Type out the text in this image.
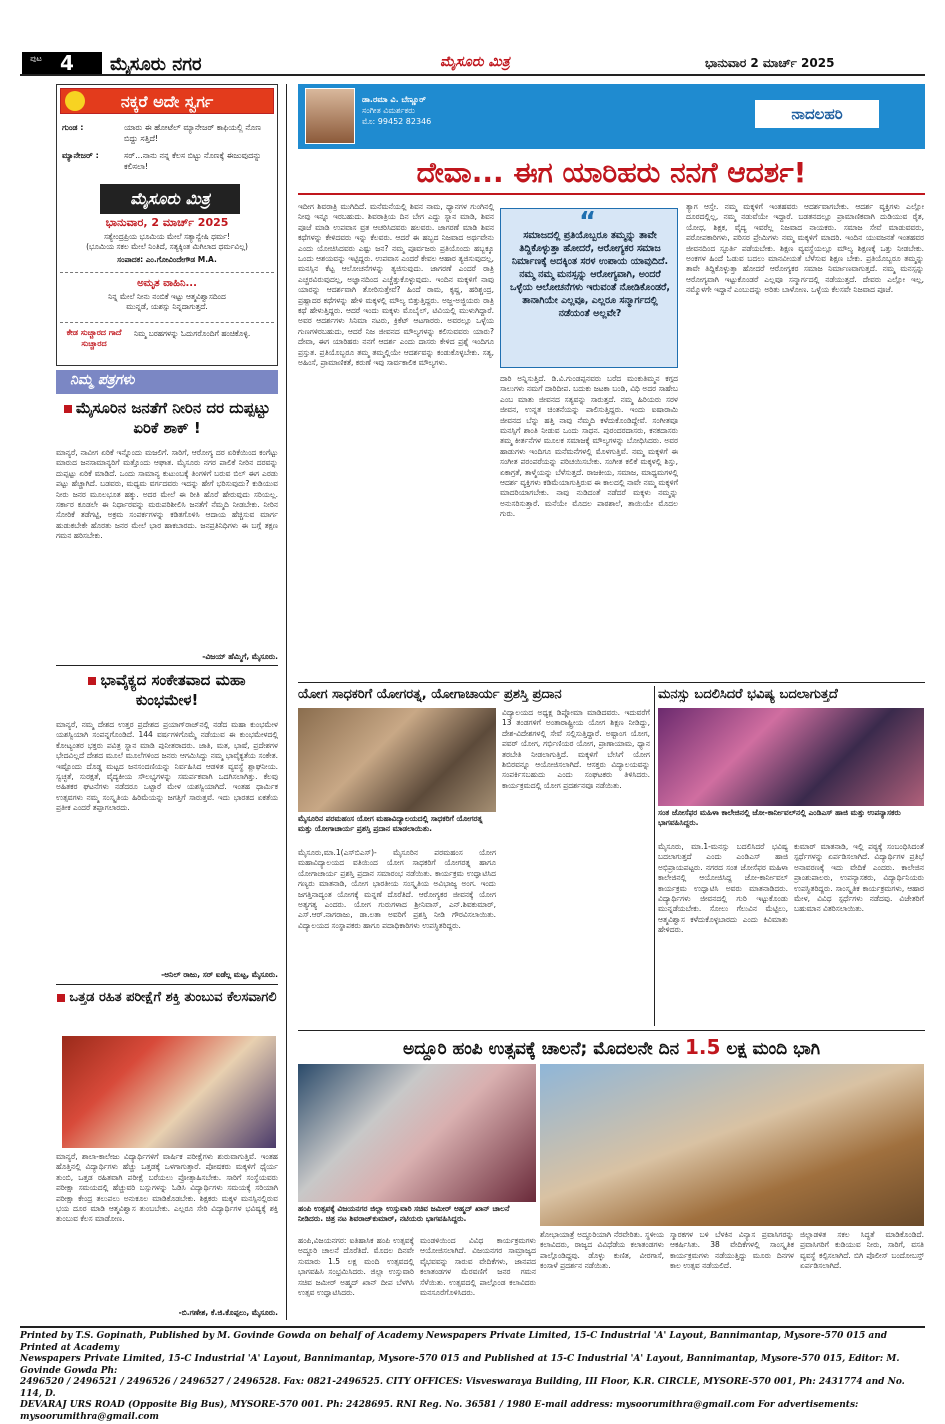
ಪುಟ 4 ಮೈಸೂರು ನಗರ	ಮೈಸೂರು ಮಿತ್ರ	ಭಾನುವಾರ 2 ಮಾರ್ಚ್ 2025
ನಕ್ಕರೆ ಅದೇ ಸ್ವರ್ಗ
ಗುಂಡ :	ಯಾರು ಈ ಹೋಟೆಲ್ ಮ್ಯಾನೇಜರ್ ಕಾಫಿಯಲ್ಲಿ ನೊಣ ಬಿದ್ದು ಸತ್ತಿದೆ!
ಮ್ಯಾನೇಜರ್ :	ಸರ್...ನಾನು ನನ್ನ ಕೆಲಸ ಬಿಟ್ಟು ನೊಣಕ್ಕೆ ಈಜುವುದನ್ನು ಕಲಿಸಲಾ!
ಮೈಸೂರು ಮಿತ್ರ
ಭಾನುವಾರ, 2 ಮಾರ್ಚ್ 2025
ಸತ್ಯೇಂದ್ರಪ್ರಿಯ ಭೂಮಿಯ ಮೇಲೆ ಸತ್ಯಾನ್ವೇಷಿ ಧರ್ಮ!
(ಭೂಮಿಯ ಸಕಲ ಮೇಲೆ ನಿಂತಿದೆ, ಸತ್ಯಕ್ಕಿಂತ ಮಿಗಿಲಾದ ಧರ್ಮವಿಲ್ಲ)
ಸಂಪಾದಕ: ಎಂ.ಗೋವಿಂದೇಗೌಡ M.A.
ಅಮೃತ ವಾಹಿನಿ...
ನಿನ್ನ ಮೇಲೆ ನೀನು ನಂಬಿಕೆ ಇಟ್ಟು ಆತ್ಮವಿಶ್ವಾಸದಿಂದ
ಮುನ್ನಡೆ, ಯಶಸ್ಸು ನಿನ್ನದಾಗುತ್ತದೆ.
ಕೇಡ ಸುಚ್ಚಾರದ ಗಾದೆ ಸುಚ್ಚಾರದ
ನಿಮ್ಮ ಬರಹಗಳನ್ನು ಓದುಗರೊಂದಿಗೆ ಹಂಚಿಕೊಳ್ಳಿ.
ನಿಮ್ಮ ಪತ್ರಗಳು
ಮೈಸೂರಿನ ಜನತೆಗೆ ನೀರಿನ ದರ ದುಪ್ಪಟ್ಟು ಏರಿಕೆ ಶಾಕ್ !
ಮಾನ್ಯರೆ, ನಾವೀಗ ಏರಿಕೆ ಇನ್ನೊಂದು ಮಜಲಿಗೆ. ಸಾರಿಗೆ, ಆರೋಗ್ಯ ದರ ಏರಿಕೆಯಿಂದ ಕಂಗೆಟ್ಟು ಮಾರುದ ಜನಸಾಮಾನ್ಯರಿಗೆ ಮತ್ತೊಂದು ಆಘಾತ. ಮೈಸೂರು ನಗರ ಪಾಲಿಕೆ ನೀರಿನ ದರವನ್ನು ದುಪ್ಪಟ್ಟು ಏರಿಕೆ ಮಾಡಿದೆ. ಒಂದು ಸಾಮಾನ್ಯ ಕುಟುಂಬಕ್ಕೆ ತಿಂಗಳಿಗೆ ಬರುವ ಬಿಲ್ ಈಗ ಎರಡು ಪಟ್ಟು ಹೆಚ್ಚಾಗಿದೆ. ಬಡವರು, ಮಧ್ಯಮ ವರ್ಗದವರು ಇದನ್ನು ಹೇಗೆ ಭರಿಸುವುದು? ಕುಡಿಯುವ ನೀರು ಜನರ ಮೂಲಭೂತ ಹಕ್ಕು. ಅದರ ಮೇಲೆ ಈ ರೀತಿ ಹೊರೆ ಹೇರುವುದು ಸರಿಯಲ್ಲ. ಸರ್ಕಾರ ಕೂಡಲೇ ಈ ನಿರ್ಧಾರವನ್ನು ಮರುಪರಿಶೀಲಿಸಿ ಜನತೆಗೆ ನೆಮ್ಮದಿ ನೀಡಬೇಕು. ನೀರಿನ ಸೋರಿಕೆ ತಡೆಗಟ್ಟಿ, ಅಕ್ರಮ ಸಂಪರ್ಕಗಳನ್ನು ಕಡಿತಗೊಳಿಸಿ ಆದಾಯ ಹೆಚ್ಚಿಸುವ ಮಾರ್ಗ ಹುಡುಕಬೇಕೇ ಹೊರತು ಜನರ ಮೇಲೆ ಭಾರ ಹಾಕಬಾರದು. ಜನಪ್ರತಿನಿಧಿಗಳು ಈ ಬಗ್ಗೆ ತಕ್ಷಣ ಗಮನ ಹರಿಸಬೇಕು.
-ವಿಜಯ್ ಹೆಮ್ಮಿಗೆ, ಮೈಸೂರು.
ಭಾವೈಕ್ಯದ ಸಂಕೇತವಾದ ಮಹಾ ಕುಂಭಮೇಳ!
ಮಾನ್ಯರೆ, ನಮ್ಮ ದೇಶದ ಉತ್ತರ ಪ್ರದೇಶದ ಪ್ರಯಾಗ್‌ರಾಜ್‌ನಲ್ಲಿ ನಡೆದ ಮಹಾ ಕುಂಭಮೇಳ ಯಶಸ್ವಿಯಾಗಿ ಸಂಪನ್ನಗೊಂಡಿದೆ. 144 ವರ್ಷಗಳಿಗೊಮ್ಮೆ ನಡೆಯುವ ಈ ಕುಂಭಮೇಳದಲ್ಲಿ ಕೋಟ್ಯಂತರ ಭಕ್ತರು ಪವಿತ್ರ ಸ್ನಾನ ಮಾಡಿ ಪುನೀತರಾದರು. ಜಾತಿ, ಮತ, ಭಾಷೆ, ಪ್ರದೇಶಗಳ ಭೇದವಿಲ್ಲದೆ ದೇಶದ ಮೂಲೆ ಮೂಲೆಗಳಿಂದ ಜನರು ಆಗಮಿಸಿದ್ದು ನಮ್ಮ ಭಾವೈಕ್ಯತೆಯ ಸಂಕೇತ. ಇಷ್ಟೊಂದು ದೊಡ್ಡ ಮಟ್ಟದ ಜನಸಂದಣಿಯನ್ನು ನಿರ್ವಹಿಸಿದ ಆಡಳಿತ ವ್ಯವಸ್ಥೆ ಶ್ಲಾಘನೀಯ. ಸ್ವಚ್ಛತೆ, ಸುರಕ್ಷತೆ, ವೈದ್ಯಕೀಯ ಸೌಲಭ್ಯಗಳನ್ನು ಸಮರ್ಪಕವಾಗಿ ಒದಗಿಸಲಾಗಿತ್ತು. ಕೆಲವು ಅಹಿತಕರ ಘಟನೆಗಳು ನಡೆದರೂ ಒಟ್ಟಾರೆ ಮೇಳ ಯಶಸ್ವಿಯಾಗಿದೆ. ಇಂತಹ ಧಾರ್ಮಿಕ ಉತ್ಸವಗಳು ನಮ್ಮ ಸಂಸ್ಕೃತಿಯ ಹಿರಿಮೆಯನ್ನು ಜಗತ್ತಿಗೆ ಸಾರುತ್ತವೆ. ಇದು ಭಾರತದ ಏಕತೆಯ ಪ್ರತೀಕ ಎಂದರೆ ತಪ್ಪಾಗಲಾರದು.
-ಅನಿಲ್ ರಾಜು, ಸರ್ ಐಡೆಲ್ಲ ಮಟ್ಟ, ಮೈಸೂರು.
ಒತ್ತಡ ರಹಿತ ಪರೀಕ್ಷೆಗೆ ಶಕ್ತಿ ತುಂಬುವ ಕೆಲಸವಾಗಲಿ
ಮಾನ್ಯರೆ, ಶಾಲಾ-ಕಾಲೇಜು ವಿದ್ಯಾರ್ಥಿಗಳಿಗೆ ವಾರ್ಷಿಕ ಪರೀಕ್ಷೆಗಳು ಶುರುವಾಗುತ್ತಿವೆ. ಇಂತಹ ಹೊತ್ತಿನಲ್ಲಿ ವಿದ್ಯಾರ್ಥಿಗಳು ಹೆಚ್ಚು ಒತ್ತಡಕ್ಕೆ ಒಳಗಾಗುತ್ತಾರೆ. ಪೋಷಕರು ಮಕ್ಕಳಿಗೆ ಧೈರ್ಯ ತುಂಬಿ, ಒತ್ತಡ ರಹಿತವಾಗಿ ಪರೀಕ್ಷೆ ಬರೆಯಲು ಪ್ರೋತ್ಸಾಹಿಸಬೇಕು. ಸಾರಿಗೆ ಸಂಸ್ಥೆಯವರು ಪರೀಕ್ಷಾ ಸಮಯದಲ್ಲಿ ಹೆಚ್ಚುವರಿ ಬಸ್ಸುಗಳನ್ನು ಓಡಿಸಿ ವಿದ್ಯಾರ್ಥಿಗಳು ಸಮಯಕ್ಕೆ ಸರಿಯಾಗಿ ಪರೀಕ್ಷಾ ಕೇಂದ್ರ ತಲುಪಲು ಅನುಕೂಲ ಮಾಡಿಕೊಡಬೇಕು. ಶಿಕ್ಷಕರು ಮಕ್ಕಳ ಮನಸ್ಸಿನಲ್ಲಿರುವ ಭಯ ದೂರ ಮಾಡಿ ಆತ್ಮವಿಶ್ವಾಸ ತುಂಬಬೇಕು. ಎಲ್ಲರೂ ಸೇರಿ ವಿದ್ಯಾರ್ಥಿಗಳ ಭವಿಷ್ಯಕ್ಕೆ ಶಕ್ತಿ ತುಂಬುವ ಕೆಲಸ ಮಾಡೋಣ.
-ಬಿ.ಗಣೇಶ, ಕೆ.ಜಿ.ಕೊಪ್ಪಲು, ಮೈಸೂರು.
ಡಾ.ರಮಾ ವಿ. ಬೆಣ್ಣೂರ್
ಸಂಗೀತ ವಿಮರ್ಶಕರು
ಮೊ: 99452 82346	ನಾದಲಹರಿ
ದೇವಾ... ಈಗ ಯಾರಿಹರು ನನಗೆ ಆದರ್ಶ!
ಇದೀಗ ಶಿವರಾತ್ರಿ ಮುಗಿದಿದೆ. ಮನೆಮನೆಯಲ್ಲಿ ಶಿವನ ನಾಮ, ಧ್ಯಾನಗಳ ಗುಂಗಿನಲ್ಲಿ ನೀವು ಇನ್ನೂ ಇರಬಹುದು. ಶಿವರಾತ್ರಿಯ ದಿನ ಬೇಗ ಎದ್ದು ಸ್ನಾನ ಮಾಡಿ, ಶಿವನ ಪೂಜೆ ಮಾಡಿ ಉಪವಾಸ ವ್ರತ ಆಚರಿಸಿದವರು ಹಲವರು. ಜಾಗರಣೆ ಮಾಡಿ ಶಿವನ ಕಥೆಗಳನ್ನು ಕೇಳಿದವರು ಇನ್ನು ಕೆಲವರು. ಆದರೆ ಈ ಹಬ್ಬದ ನಿಜವಾದ ಅರ್ಥವೇನು ಎಂದು ಯೋಚಿಸಿದವರು ಎಷ್ಟು ಜನ? ನಮ್ಮ ಪೂರ್ವಜರು ಪ್ರತಿಯೊಂದು ಹಬ್ಬಕ್ಕೂ ಒಂದು ಆಶಯವನ್ನು ಇಟ್ಟಿದ್ದರು. ಉಪವಾಸ ಎಂದರೆ ಕೇವಲ ಆಹಾರ ತ್ಯಜಿಸುವುದಲ್ಲ, ಮನಸ್ಸಿನ ಕೆಟ್ಟ ಆಲೋಚನೆಗಳನ್ನು ತ್ಯಜಿಸುವುದು. ಜಾಗರಣೆ ಎಂದರೆ ರಾತ್ರಿ ಎಚ್ಚರವಿರುವುದಲ್ಲ, ಅಜ್ಞಾನದಿಂದ ಎಚ್ಚೆತ್ತುಕೊಳ್ಳುವುದು. ಇಂದಿನ ಮಕ್ಕಳಿಗೆ ನಾವು ಯಾರನ್ನು ಆದರ್ಶವಾಗಿ ತೋರಿಸುತ್ತೇವೆ? ಹಿಂದೆ ರಾಮ, ಕೃಷ್ಣ, ಹರಿಶ್ಚಂದ್ರ, ಪ್ರಹ್ಲಾದರ ಕಥೆಗಳನ್ನು ಹೇಳಿ ಮಕ್ಕಳಲ್ಲಿ ಮೌಲ್ಯ ಬಿತ್ತುತ್ತಿದ್ದರು. ಅಜ್ಜ-ಅಜ್ಜಿಯರು ರಾತ್ರಿ ಕಥೆ ಹೇಳುತ್ತಿದ್ದರು. ಆದರೆ ಇಂದು ಮಕ್ಕಳು ಮೊಬೈಲ್, ಟಿವಿಯಲ್ಲಿ ಮುಳುಗಿದ್ದಾರೆ. ಅವರ ಆದರ್ಶಗಳು ಸಿನಿಮಾ ನಟರು, ಕ್ರಿಕೆಟ್ ಆಟಗಾರರು. ಅವರಲ್ಲೂ ಒಳ್ಳೆಯ ಗುಣಗಳಿರಬಹುದು, ಆದರೆ ನಿಜ ಜೀವನದ ಮೌಲ್ಯಗಳನ್ನು ಕಲಿಸುವವರು ಯಾರು? ದೇವಾ, ಈಗ ಯಾರಿಹರು ನನಗೆ ಆದರ್ಶ ಎಂದು ದಾಸರು ಕೇಳಿದ ಪ್ರಶ್ನೆ ಇಂದಿಗೂ ಪ್ರಸ್ತುತ. ಪ್ರತಿಯೊಬ್ಬರೂ ತಮ್ಮ ತಮ್ಮಲ್ಲಿಯೇ ಆದರ್ಶವನ್ನು ಕಂಡುಕೊಳ್ಳಬೇಕು. ಸತ್ಯ, ಅಹಿಂಸೆ, ಪ್ರಾಮಾಣಿಕತೆ, ಕರುಣೆ ಇವು ಸಾರ್ವಕಾಲಿಕ ಮೌಲ್ಯಗಳು.
“
ಸಮಾಜದಲ್ಲಿ ಪ್ರತಿಯೊಬ್ಬರೂ ತಮ್ಮನ್ನು ತಾವೇ ತಿದ್ದಿಕೊಳ್ಳುತ್ತಾ ಹೋದರೆ, ಆರೋಗ್ಯಕರ ಸಮಾಜ ನಿರ್ಮಾಣಕ್ಕೆ ಅದಕ್ಕಿಂತ ಸರಳ ಉಪಾಯ ಯಾವುದಿದೆ. ನಮ್ಮ ನಮ್ಮ ಮನಸ್ಸನ್ನು ಆರೋಗ್ಯವಾಗಿ, ಅಂದರೆ ಒಳ್ಳೆಯ ಆಲೋಚನೆಗಳು ಇರುವಂತೆ ನೋಡಿಕೊಂಡರೆ, ತಾನಾಗಿಯೇ ಎಲ್ಲವೂ, ಎಲ್ಲರೂ ಸನ್ಮಾರ್ಗದಲ್ಲಿ ನಡೆಯಂತೆ ಅಲ್ಲವೇ?
ದಾರಿ ಅನ್ನಿಸುತ್ತಿದೆ. ಡಿ.ವಿ.ಗುಂಡಪ್ಪನವರು ಬರೆದ ಮಂಕುತಿಮ್ಮನ ಕಗ್ಗದ ಸಾಲುಗಳು ನಮಗೆ ದಾರಿದೀಪ. ಬದುಕು ಜಟಕಾ ಬಂಡಿ, ವಿಧಿ ಅದರ ಸಾಹೇಬ ಎಂಬ ಮಾತು ಜೀವನದ ಸತ್ಯವನ್ನು ಸಾರುತ್ತದೆ. ನಮ್ಮ ಹಿರಿಯರು ಸರಳ ಜೀವನ, ಉನ್ನತ ಚಿಂತನೆಯನ್ನು ಪಾಲಿಸುತ್ತಿದ್ದರು. ಇಂದು ಐಷಾರಾಮಿ ಜೀವನದ ಬೆನ್ನು ಹತ್ತಿ ನಾವು ನೆಮ್ಮದಿ ಕಳೆದುಕೊಂಡಿದ್ದೇವೆ. ಸಂಗೀತವೂ ಮನಸ್ಸಿಗೆ ಶಾಂತಿ ನೀಡುವ ಒಂದು ಸಾಧನ. ಪುರಂದರದಾಸರು, ಕನಕದಾಸರು ತಮ್ಮ ಕೀರ್ತನೆಗಳ ಮೂಲಕ ಸಮಾಜಕ್ಕೆ ಮೌಲ್ಯಗಳನ್ನು ಬೋಧಿಸಿದರು. ಅವರ ಹಾಡುಗಳು ಇಂದಿಗೂ ಮನೆಮನೆಗಳಲ್ಲಿ ಮೊಳಗುತ್ತಿವೆ. ನಮ್ಮ ಮಕ್ಕಳಿಗೆ ಈ ಸಂಗೀತ ಪರಂಪರೆಯನ್ನು ಪರಿಚಯಿಸಬೇಕು. ಸಂಗೀತ ಕಲಿಕೆ ಮಕ್ಕಳಲ್ಲಿ ಶಿಸ್ತು, ಏಕಾಗ್ರತೆ, ತಾಳ್ಮೆಯನ್ನು ಬೆಳೆಸುತ್ತದೆ. ರಾಜಕೀಯ, ಸಮಾಜ, ಮಾಧ್ಯಮಗಳಲ್ಲಿ ಆದರ್ಶ ವ್ಯಕ್ತಿಗಳು ಕಡಿಮೆಯಾಗುತ್ತಿರುವ ಈ ಕಾಲದಲ್ಲಿ ನಾವೇ ನಮ್ಮ ಮಕ್ಕಳಿಗೆ ಮಾದರಿಯಾಗಬೇಕು. ನಾವು ನುಡಿದಂತೆ ನಡೆದರೆ ಮಕ್ಕಳು ನಮ್ಮನ್ನು ಅನುಸರಿಸುತ್ತಾರೆ. ಮನೆಯೇ ಮೊದಲ ಪಾಠಶಾಲೆ, ತಾಯಿಯೇ ಮೊದಲ ಗುರು.
ತ್ಯಾಗ ಆಸ್ತೇ. ನಮ್ಮ ಮಕ್ಕಳಿಗೆ ಇಂತಹವರು ಆದರ್ಶವಾಗಬೇಕು. ಆದರ್ಶ ವ್ಯಕ್ತಿಗಳು ಎಲ್ಲೋ ದೂರದಲ್ಲಿಲ್ಲ, ನಮ್ಮ ನಡುವೆಯೇ ಇದ್ದಾರೆ. ಬಡತನದಲ್ಲೂ ಪ್ರಾಮಾಣಿಕವಾಗಿ ದುಡಿಯುವ ರೈತ, ಯೋಧ, ಶಿಕ್ಷಕ, ವೈದ್ಯ ಇವರೆಲ್ಲ ನಿಜವಾದ ನಾಯಕರು. ಸಮಾಜ ಸೇವೆ ಮಾಡುವವರು, ಪರೋಪಕಾರಿಗಳು, ಪರಿಸರ ಪ್ರೇಮಿಗಳು ನಮ್ಮ ಮಕ್ಕಳಿಗೆ ಮಾದರಿ. ಇಂದಿನ ಯುವಜನತೆ ಇಂತಹವರ ಜೀವನದಿಂದ ಸ್ಫೂರ್ತಿ ಪಡೆಯಬೇಕು. ಶಿಕ್ಷಣ ವ್ಯವಸ್ಥೆಯಲ್ಲೂ ಮೌಲ್ಯ ಶಿಕ್ಷಣಕ್ಕೆ ಒತ್ತು ನೀಡಬೇಕು. ಅಂಕಗಳ ಹಿಂದೆ ಓಡುವ ಬದಲು ಮಾನವೀಯತೆ ಬೆಳೆಸುವ ಶಿಕ್ಷಣ ಬೇಕು. ಪ್ರತಿಯೊಬ್ಬರೂ ತಮ್ಮನ್ನು ತಾವೇ ತಿದ್ದಿಕೊಳ್ಳುತ್ತಾ ಹೋದರೆ ಆರೋಗ್ಯಕರ ಸಮಾಜ ನಿರ್ಮಾಣವಾಗುತ್ತದೆ. ನಮ್ಮ ಮನಸ್ಸನ್ನು ಆರೋಗ್ಯವಾಗಿ ಇಟ್ಟುಕೊಂಡರೆ ಎಲ್ಲವೂ ಸನ್ಮಾರ್ಗದಲ್ಲಿ ನಡೆಯುತ್ತದೆ. ದೇವರು ಎಲ್ಲೋ ಇಲ್ಲ, ನಮ್ಮೊಳಗೇ ಇದ್ದಾನೆ ಎಂಬುದನ್ನು ಅರಿತು ಬಾಳೋಣ. ಒಳ್ಳೆಯ ಕೆಲಸವೇ ನಿಜವಾದ ಪೂಜೆ.
ಯೋಗ ಸಾಧಕರಿಗೆ ಯೋಗರತ್ನ, ಯೋಗಾಚಾರ್ಯ ಪ್ರಶಸ್ತಿ ಪ್ರದಾನ
ಮೈಸೂರಿನ ಪರಮಹಂಸ ಯೋಗ ಮಹಾವಿದ್ಯಾಲಯದಲ್ಲಿ ಸಾಧಕರಿಗೆ ಯೋಗರತ್ನ ಮತ್ತು ಯೋಗಾಚಾರ್ಯ ಪ್ರಶಸ್ತಿ ಪ್ರದಾನ ಮಾಡಲಾಯಿತು.
ಮೈಸೂರು,ಮಾ.1(ಎಸ್‌ಬಿಎಸ್)- ಮೈಸೂರಿನ ಪರಮಹಂಸ ಯೋಗ ಮಹಾವಿದ್ಯಾಲಯದ ವತಿಯಿಂದ ಯೋಗ ಸಾಧಕರಿಗೆ ಯೋಗರತ್ನ ಹಾಗೂ ಯೋಗಾಚಾರ್ಯ ಪ್ರಶಸ್ತಿ ಪ್ರದಾನ ಸಮಾರಂಭ ನಡೆಯಿತು. ಕಾರ್ಯಕ್ರಮ ಉದ್ಘಾಟಿಸಿದ ಗಣ್ಯರು ಮಾತನಾಡಿ, ಯೋಗ ಭಾರತೀಯ ಸಂಸ್ಕೃತಿಯ ಅವಿಭಾಜ್ಯ ಅಂಗ. ಇಂದು ಜಗತ್ತಿನಾದ್ಯಂತ ಯೋಗಕ್ಕೆ ಮನ್ನಣೆ ದೊರೆತಿದೆ. ಆರೋಗ್ಯಕರ ಜೀವನಕ್ಕೆ ಯೋಗ ಅತ್ಯಗತ್ಯ ಎಂದರು. ಯೋಗ ಗುರುಗಳಾದ ಶ್ರೀನಿವಾಸ್, ಎನ್.ಶಿವಕುಮಾರ್, ಎಸ್.ಆರ್.ನಾಗರಾಜು, ಡಾ.ಲತಾ ಅವರಿಗೆ ಪ್ರಶಸ್ತಿ ನೀಡಿ ಗೌರವಿಸಲಾಯಿತು. ವಿದ್ಯಾಲಯದ ಸಂಸ್ಥಾಪಕರು ಹಾಗೂ ಪದಾಧಿಕಾರಿಗಳು ಉಪಸ್ಥಿತರಿದ್ದರು.
ವಿದ್ಯಾಲಯದ ಅಧ್ಯಕ್ಷ ಡಿಪ್ಲೋಮಾ ಮಾಡಿದವರು. ಇದುವರೆಗೆ 13 ತಂಡಗಳಿಗೆ ಅಂತಾರಾಷ್ಟ್ರೀಯ ಯೋಗ ಶಿಕ್ಷಣ ನೀಡಿದ್ದು, ದೇಶ-ವಿದೇಶಗಳಲ್ಲಿ ಸೇವೆ ಸಲ್ಲಿಸುತ್ತಿದ್ದಾರೆ. ಅಷ್ಟಾಂಗ ಯೋಗ, ಪವರ್ ಯೋಗ, ಗರ್ಭಿಣಿಯರ ಯೋಗ, ಪ್ರಾಣಾಯಾಮ, ಧ್ಯಾನ ತರಬೇತಿ ನೀಡಲಾಗುತ್ತಿದೆ. ಮಕ್ಕಳಿಗೆ ಬೇಸಿಗೆ ಯೋಗ ಶಿಬಿರವನ್ನೂ ಆಯೋಜಿಸಲಾಗಿದೆ. ಆಸಕ್ತರು ವಿದ್ಯಾಲಯವನ್ನು ಸಂಪರ್ಕಿಸಬಹುದು ಎಂದು ಸಂಘಟಕರು ತಿಳಿಸಿದರು. ಕಾರ್ಯಕ್ರಮದಲ್ಲಿ ಯೋಗ ಪ್ರದರ್ಶನವೂ ನಡೆಯಿತು.
ಮನಸ್ಸು ಬದಲಿಸಿದರೆ ಭವಿಷ್ಯ ಬದಲಾಗುತ್ತದೆ
ಸಂತ ಜೋಸೆಫರ ಮಹಿಳಾ ಕಾಲೇಜಿನಲ್ಲಿ ಜೋ-ಕಾರ್ನೀವಲ್‌ನಲ್ಲಿ ಎಂಡಿಎಸ್ ಹಾಜಿ ಮತ್ತು ಉಪನ್ಯಾಸಕರು ಭಾಗವಹಿಸಿದ್ದರು.
ಮೈಸೂರು, ಮಾ.1-ಮನಸ್ಸು ಬದಲಿಸಿದರೆ ಭವಿಷ್ಯ ಬದಲಾಗುತ್ತದೆ ಎಂದು ಎಂಡಿಎಸ್ ಹಾಜಿ ಅಭಿಪ್ರಾಯಪಟ್ಟರು. ನಗರದ ಸಂತ ಜೋಸೆಫರ ಮಹಿಳಾ ಕಾಲೇಜಿನಲ್ಲಿ ಆಯೋಜಿಸಿದ್ದ ಜೋ-ಕಾರ್ನೀವಲ್ ಕಾರ್ಯಕ್ರಮ ಉದ್ಘಾಟಿಸಿ ಅವರು ಮಾತನಾಡಿದರು. ವಿದ್ಯಾರ್ಥಿಗಳು ಜೀವನದಲ್ಲಿ ಗುರಿ ಇಟ್ಟುಕೊಂಡು ಮುನ್ನಡೆಯಬೇಕು. ಸೋಲು ಗೆಲುವಿನ ಮೆಟ್ಟಿಲು, ಆತ್ಮವಿಶ್ವಾಸ ಕಳೆದುಕೊಳ್ಳಬಾರದು ಎಂದು ಕಿವಿಮಾತು ಹೇಳಿದರು.
ಕುಮಾರ್ ಮಾತನಾಡಿ, ಇಲ್ಲಿ ಪಠ್ಯಕ್ಕೆ ಸಂಬಂಧಿಸಿದಂತೆ ಸ್ಪರ್ಧೆಗಳನ್ನು ಏರ್ಪಡಿಸಲಾಗಿದೆ. ವಿದ್ಯಾರ್ಥಿಗಳ ಪ್ರತಿಭೆ ಅನಾವರಣಕ್ಕೆ ಇದು ವೇದಿಕೆ ಎಂದರು. ಕಾಲೇಜಿನ ಪ್ರಾಂಶುಪಾಲರು, ಉಪನ್ಯಾಸಕರು, ವಿದ್ಯಾರ್ಥಿನಿಯರು ಉಪಸ್ಥಿತರಿದ್ದರು. ಸಾಂಸ್ಕೃತಿಕ ಕಾರ್ಯಕ್ರಮಗಳು, ಆಹಾರ ಮೇಳ, ವಿವಿಧ ಸ್ಪರ್ಧೆಗಳು ನಡೆದವು. ವಿಜೇತರಿಗೆ ಬಹುಮಾನ ವಿತರಿಸಲಾಯಿತು.
ಅದ್ದೂರಿ ಹಂಪಿ ಉತ್ಸವಕ್ಕೆ ಚಾಲನೆ; ಮೊದಲನೇ ದಿನ 1.5 ಲಕ್ಷ ಮಂದಿ ಭಾಗಿ
ಹಂಪಿ ಉತ್ಸವಕ್ಕೆ ವಿಜಯನಗರ ಜಿಲ್ಲಾ ಉಸ್ತುವಾರಿ ಸಚಿವ ಜಮೀರ್ ಅಹ್ಮದ್ ಖಾನ್ ಚಾಲನೆ ನೀಡಿದರು. ಚಿತ್ರ ನಟ ಶಿವರಾಜ್‌ಕುಮಾರ್, ನಟಿಯರು ಭಾಗವಹಿಸಿದ್ದರು.
ಹಂಪಿ,ವಿಜಯನಗರ: ಐತಿಹಾಸಿಕ ಹಂಪಿ ಉತ್ಸವಕ್ಕೆ ಅದ್ದೂರಿ ಚಾಲನೆ ದೊರೆತಿದೆ. ಮೊದಲ ದಿನವೇ ಸುಮಾರು 1.5 ಲಕ್ಷ ಮಂದಿ ಉತ್ಸವದಲ್ಲಿ ಭಾಗವಹಿಸಿ ಸಂಭ್ರಮಿಸಿದರು. ಜಿಲ್ಲಾ ಉಸ್ತುವಾರಿ ಸಚಿವ ಜಮೀರ್ ಅಹ್ಮದ್ ಖಾನ್ ದೀಪ ಬೆಳಗಿಸಿ ಉತ್ಸವ ಉದ್ಘಾಟಿಸಿದರು.
ಮಂಡಳಿಯಿಂದ ವಿವಿಧ ಕಾರ್ಯಕ್ರಮಗಳು ಆಯೋಜಿಸಲಾಗಿದೆ. ವಿಜಯನಗರ ಸಾಮ್ರಾಜ್ಯದ ವೈಭವವನ್ನು ಸಾರುವ ವೇದಿಕೆಗಳು, ಜಾನಪದ ಕಲಾತಂಡಗಳ ಮೆರವಣಿಗೆ ಜನರ ಗಮನ ಸೆಳೆಯಿತು. ಉತ್ಸವದಲ್ಲಿ ಪಾಲ್ಗೊಂಡ ಕಲಾವಿದರು ಮನಸೂರೆಗೊಳಿಸಿದರು.
ಶೋಭಾಯಾತ್ರೆ ಅದ್ಧೂರಿಯಾಗಿ ನೆರವೇರಿತು. ಸ್ಥಳೀಯ ಕಲಾವಿದರು, ರಾಜ್ಯದ ವಿವಿಧೆಡೆಯ ಕಲಾತಂಡಗಳು ಪಾಲ್ಗೊಂಡಿದ್ದವು. ಡೊಳ್ಳು ಕುಣಿತ, ವೀರಗಾಸೆ, ಕಂಸಾಳೆ ಪ್ರದರ್ಶನ ನಡೆಯಿತು.
ಸ್ಮಾರಕಗಳ ಬಳಿ ಬೆಳಕಿನ ವಿನ್ಯಾಸ ಪ್ರವಾಸಿಗರನ್ನು ಆಕರ್ಷಿಸಿತು. 38 ವೇದಿಕೆಗಳಲ್ಲಿ ಸಾಂಸ್ಕೃತಿಕ ಕಾರ್ಯಕ್ರಮಗಳು ನಡೆಯುತ್ತಿದ್ದು ಮೂರು ದಿನಗಳ ಕಾಲ ಉತ್ಸವ ನಡೆಯಲಿದೆ.
ಜಿಲ್ಲಾಡಳಿತ ಸಕಲ ಸಿದ್ಧತೆ ಮಾಡಿಕೊಂಡಿದೆ. ಪ್ರವಾಸಿಗರಿಗೆ ಕುಡಿಯುವ ನೀರು, ಸಾರಿಗೆ, ವಸತಿ ವ್ಯವಸ್ಥೆ ಕಲ್ಪಿಸಲಾಗಿದೆ. ಬಿಗಿ ಪೊಲೀಸ್ ಬಂದೋಬಸ್ತ್ ಏರ್ಪಡಿಸಲಾಗಿದೆ.
Printed by T.S. Gopinath, Published by M. Govinde Gowda on behalf of Academy Newspapers Private Limited, 15-C Industrial 'A' Layout, Bannimantap, Mysore-570 015 and Printed at Academy
Newspapers Private Limited, 15-C Industrial 'A' Layout, Bannimantap, Mysore-570 015 and Published at 15-C Industrial 'A' Layout, Bannimantap, Mysore-570 015, Editor: M. Govinde Gowda Ph:
2496520 / 2496521 / 2496526 / 2496527 / 2496528. Fax: 0821-2496525. CITY OFFICES: Visveswaraya Building, III Floor, K.R. CIRCLE, MYSORE-570 001, Ph: 2431774 and No. 114, D.
DEVARAJ URS ROAD (Opposite Big Bus), MYSORE-570 001. Ph: 2428695. RNI Reg. No. 36581 / 1980 E-mail address: mysoorumithra@gmail.com For advertisements: mysoorumithra@gmail.com
